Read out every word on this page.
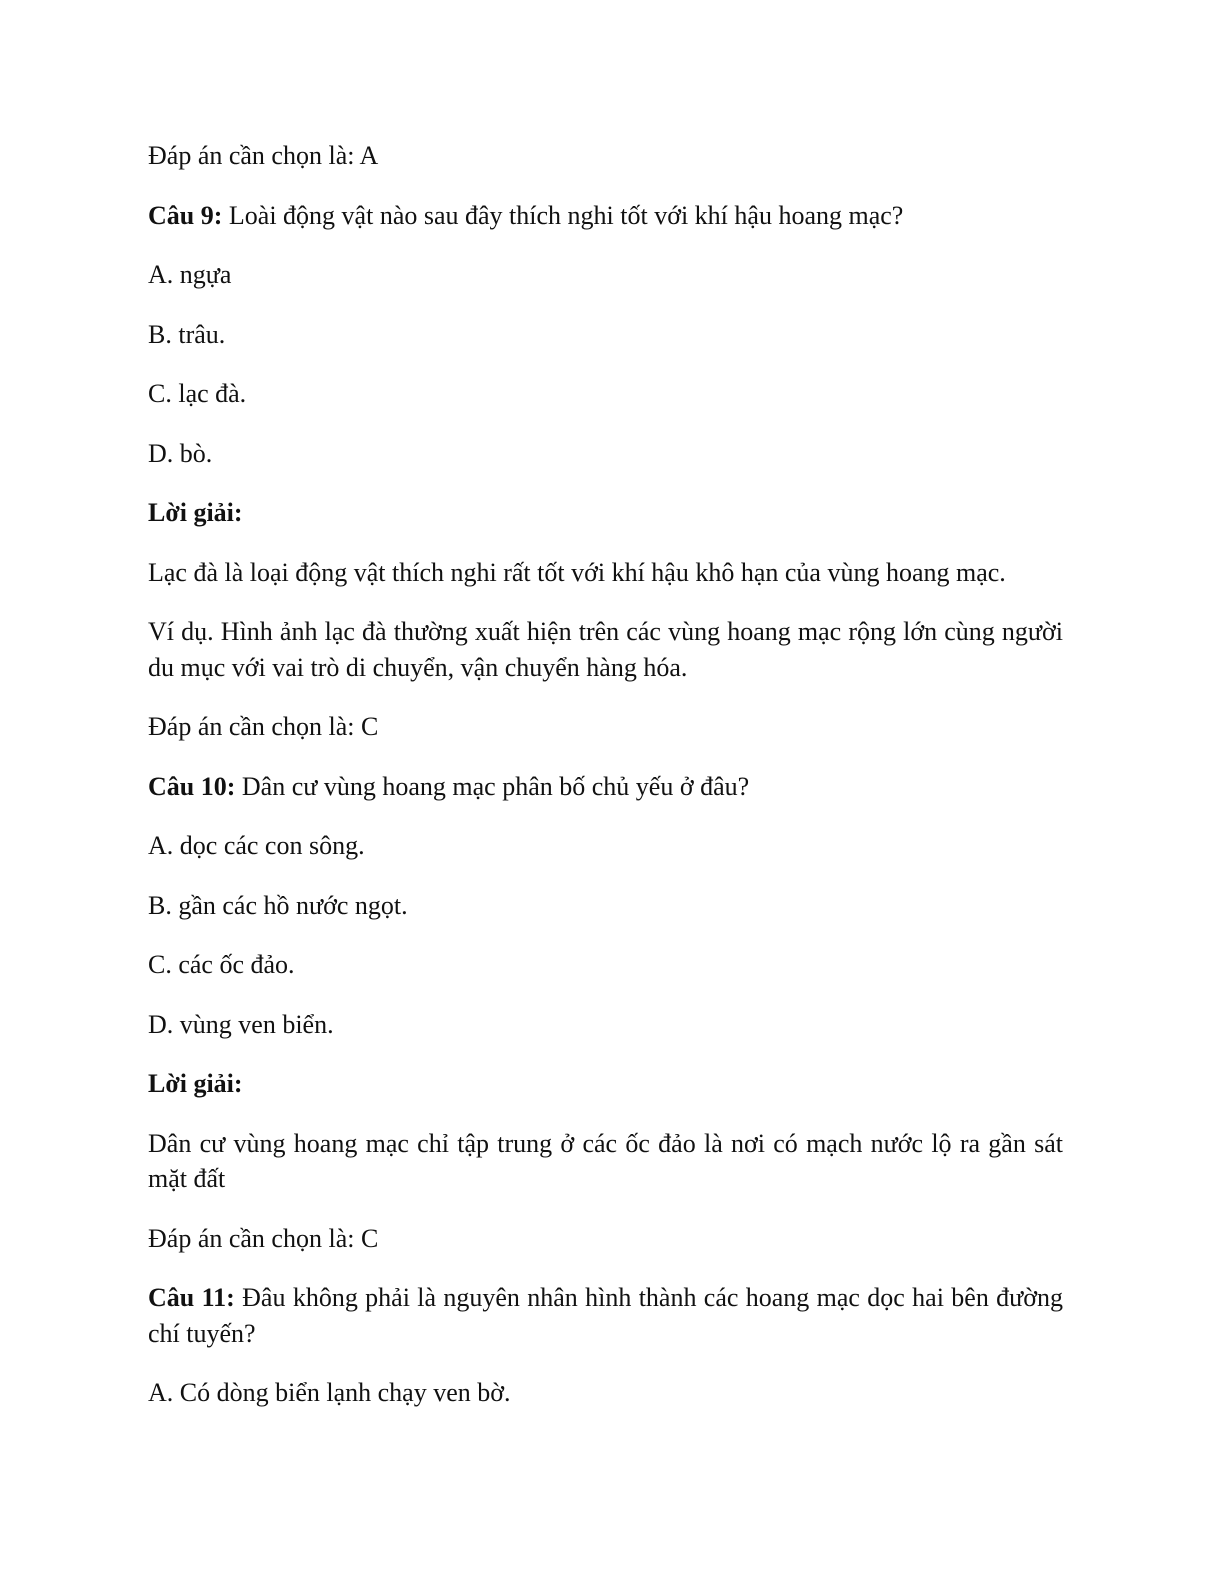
Đáp án cần chọn là: A

Câu 9: Loài động vật nào sau đây thích nghi tốt với khí hậu hoang mạc?

A. ngựa

B. trâu.

C. lạc đà.

D. bò.

Lời giải:

Lạc đà là loại động vật thích nghi rất tốt với khí hậu khô hạn của vùng hoang mạc.

Ví dụ. Hình ảnh lạc đà thường xuất hiện trên các vùng hoang mạc rộng lớn cùng người du mục với vai trò di chuyển, vận chuyển hàng hóa.

Đáp án cần chọn là: C

Câu 10: Dân cư vùng hoang mạc phân bố chủ yếu ở đâu?

A. dọc các con sông.

B. gần các hồ nước ngọt.

C. các ốc đảo.

D. vùng ven biển.

Lời giải:

Dân cư vùng hoang mạc chỉ tập trung ở các ốc đảo là nơi có mạch nước lộ ra gần sát mặt đất

Đáp án cần chọn là: C

Câu 11: Đâu không phải là nguyên nhân hình thành các hoang mạc dọc hai bên đường chí tuyến?

A. Có dòng biển lạnh chạy ven bờ.
